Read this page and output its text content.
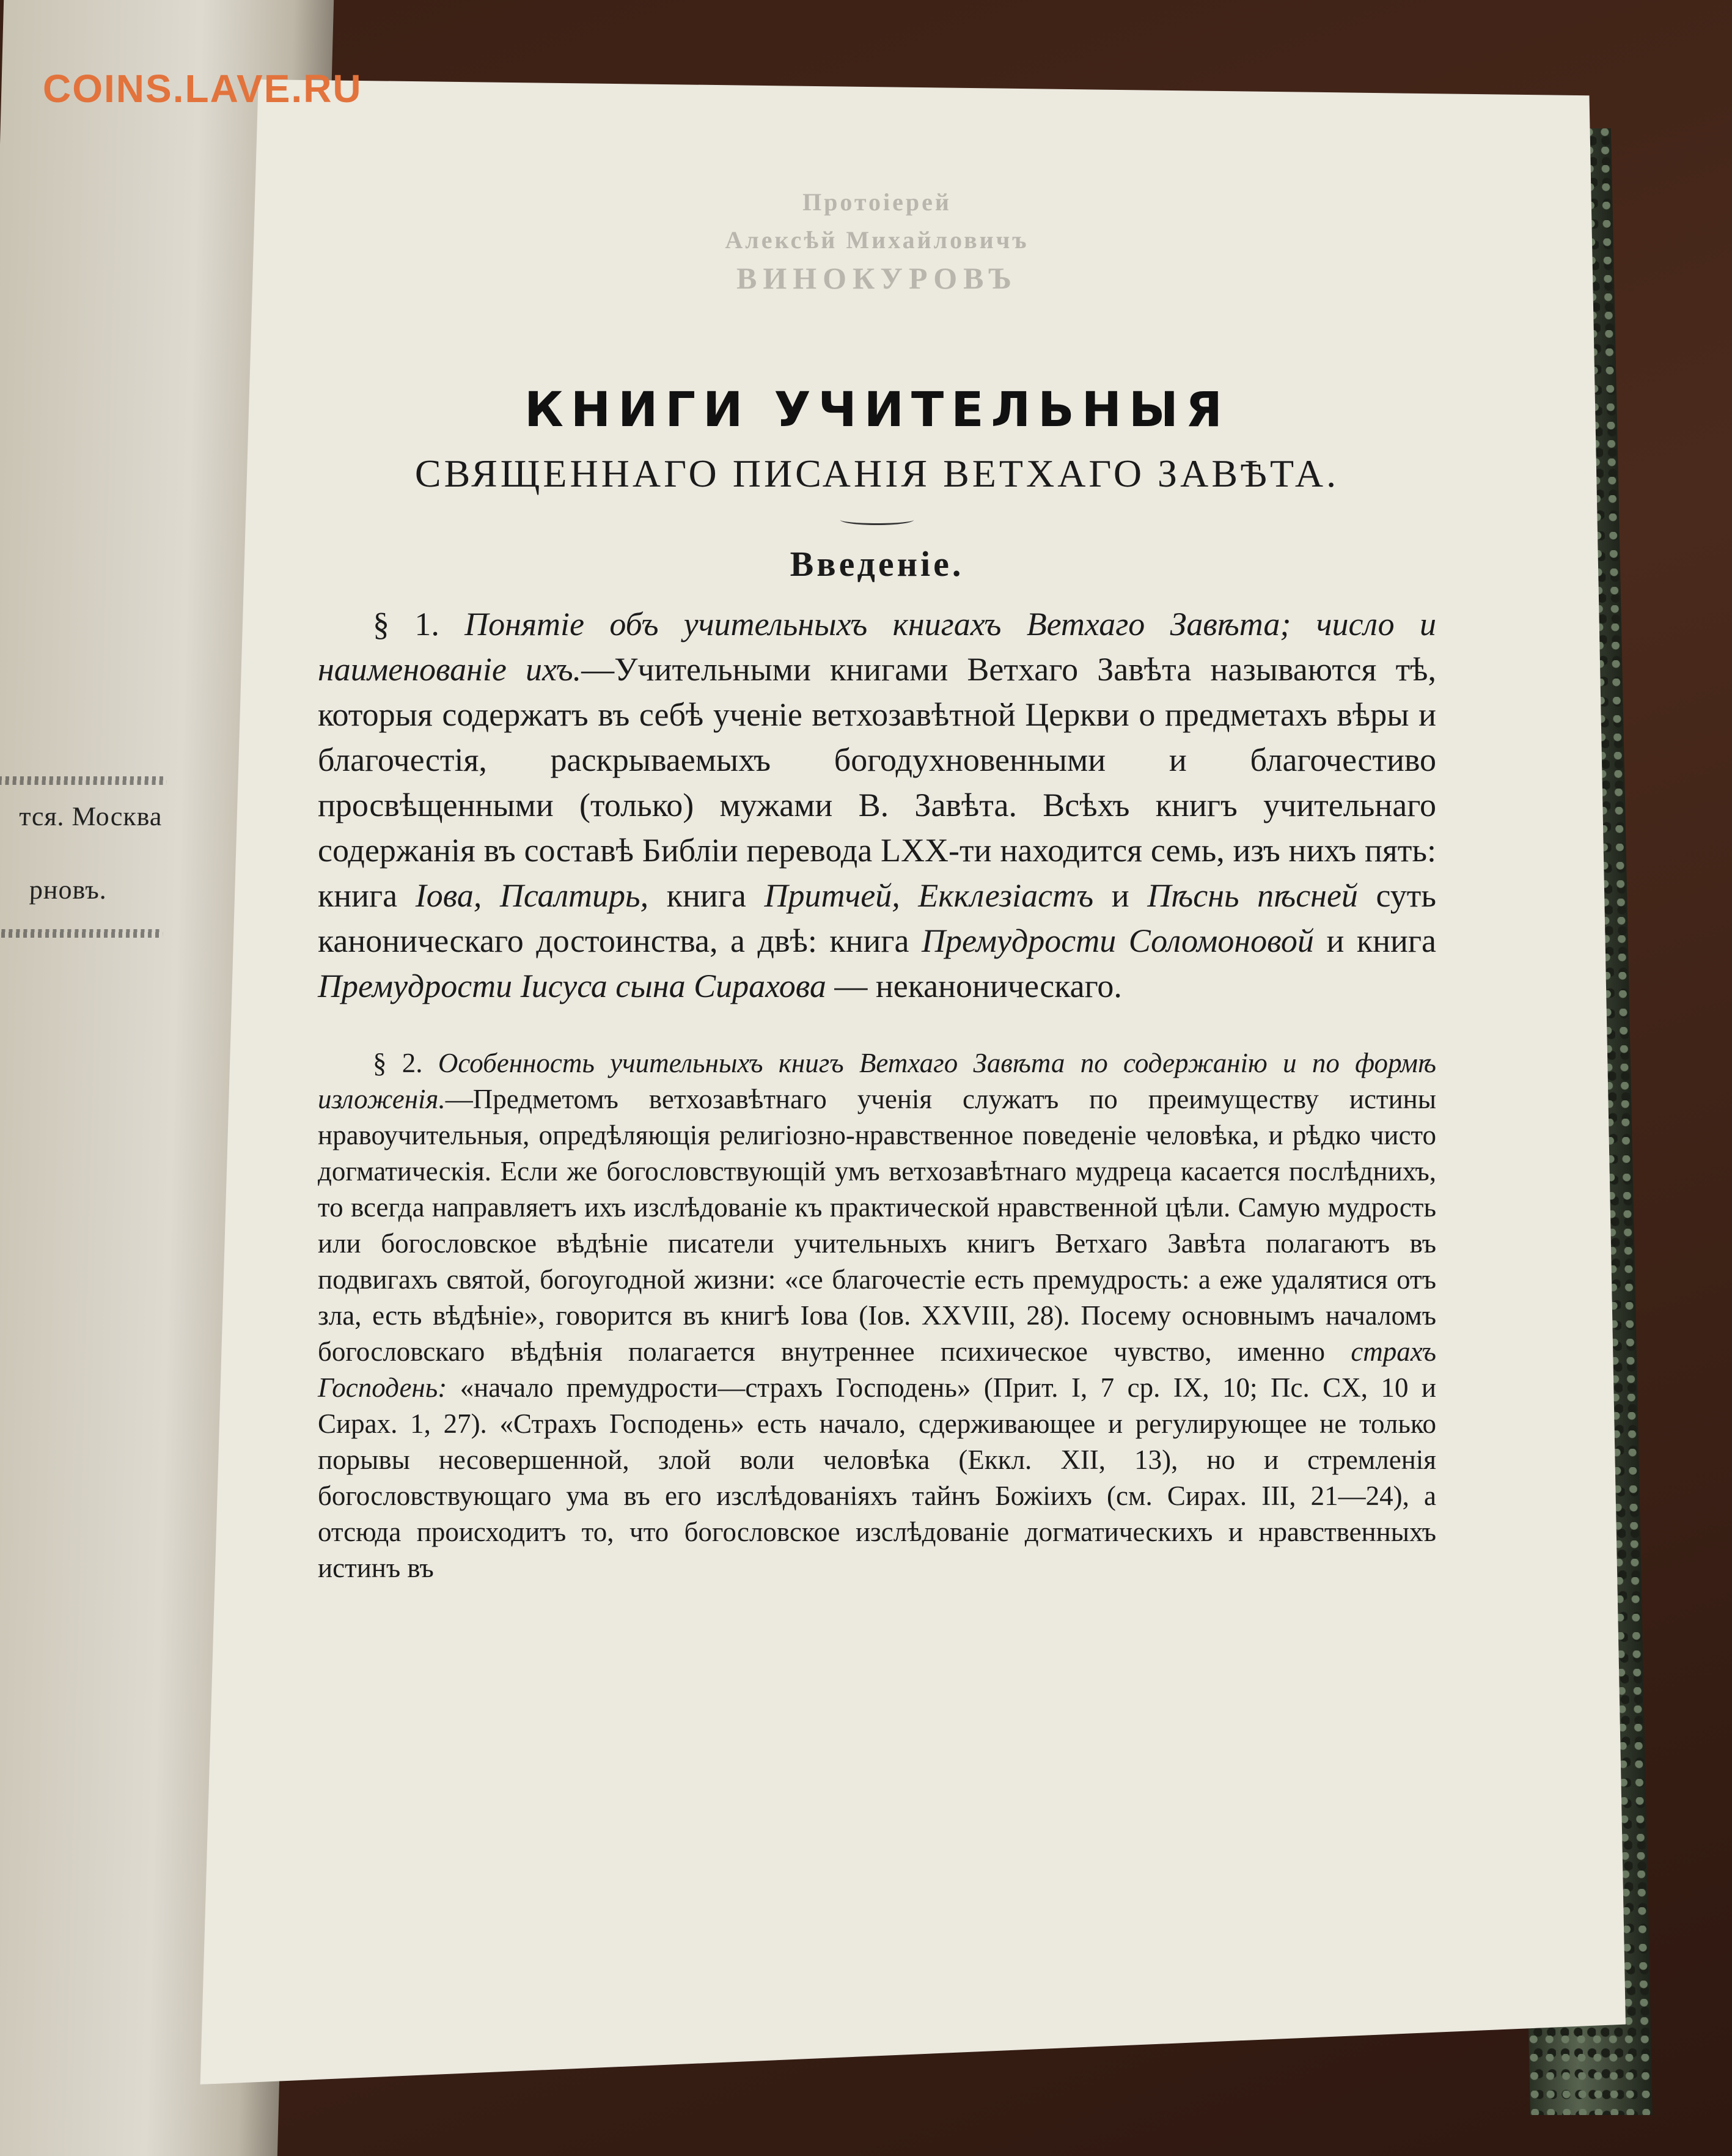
тся. Москва
рновъ.
COINS.LAVE.RU
Протоіерей
Алексѣй Михайловичъ
ВИНОКУРОВЪ
КНИГИ УЧИТЕЛЬНЫЯ
СВЯЩЕННАГО ПИСАНІЯ ВЕТХАГО ЗАВѢТА.
Введеніе.

§ 1. Понятіе объ учительныхъ книгахъ Ветхаго Завѣта; число и наименованіе ихъ.—Учительными книгами Ветхаго Завѣта называются тѣ, которыя содержатъ въ себѣ ученіе ветхозавѣтной Церкви о предметахъ вѣры и благочестія, раскрываемыхъ богодухновенными и благочестиво просвѣщенными (только) мужами В. Завѣта. Всѣхъ книгъ учительнаго содержанія въ составѣ Библіи перевода LXX-ти находится семь, изъ нихъ пять: книга Іова, Псалтирь, книга Притчей, Екклезіастъ и Пѣснь пѣсней суть каноническаго достоинства, а двѣ: книга Премудрости Соломоновой и книга Премудрости Іисуса сына Сирахова — неканоническаго.

§ 2. Особенность учительныхъ книгъ Ветхаго Завѣта по содержанію и по формѣ изложенія.—Предметомъ ветхозавѣтнаго ученія служатъ по преимуществу истины нравоучительныя, опредѣляющія религіозно-нравственное поведеніе человѣка, и рѣдко чисто догматическія. Если же богословствующій умъ ветхозавѣтнаго мудреца касается послѣднихъ, то всегда направляетъ ихъ изслѣдованіе къ практической нравственной цѣли. Самую мудрость или богословское вѣдѣніе писатели учительныхъ книгъ Ветхаго Завѣта полагаютъ въ подвигахъ святой, богоугодной жизни: «се благочестіе есть премудрость: а еже удалятися отъ зла, есть вѣдѣніе», говорится въ книгѣ Іова (Іов. XXVIII, 28). Посему основнымъ началомъ богословскаго вѣдѣнія полагается внутреннее психическое чувство, именно страхъ Господень: «начало премудрости—страхъ Господень» (Прит. I, 7 ср. IX, 10; Пс. CX, 10 и Сирах. 1, 27). «Страхъ Господень» есть начало, сдерживающее и регулирующее не только порывы несовершенной, злой воли человѣка (Еккл. XII, 13), но и стремленія богословствующаго ума въ его изслѣдованіяхъ тайнъ Божіихъ (см. Сирах. III, 21—24), а отсюда происходитъ то, что богословское изслѣдованіе догматическихъ и нравственныхъ истинъ въ
